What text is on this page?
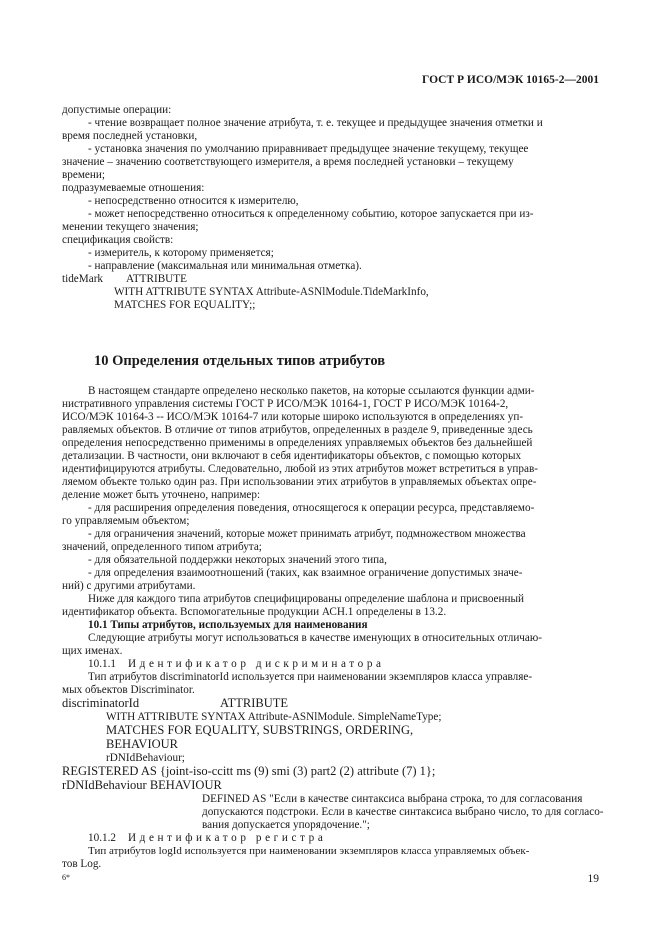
ГОСТ Р ИСО/МЭК 10165-2—2001
допустимые операции:
- чтение возвращает полное значение атрибута, т. е. текущее и предыдущее значения отметки и
время последней установки,
- установка значения по умолчанию приравнивает предыдущее значение текущему, текущее
значение – значению соответствующего измерителя, а время последней установки – текущему
времени;
подразумеваемые отношения:
- непосредственно относится к измерителю,
- может непосредственно относиться к определенному событию, которое запускается при из-
менении текущего значения;
спецификация свойств:
- измеритель, к которому применяется;
- направление (максимальная или минимальная отметка).
tideMark ATTRIBUTE
WITH ATTRIBUTE SYNTAX Attribute-ASNlModule.TideMarkInfo,
MATCHES FOR EQUALITY;;
10 Определения отдельных типов атрибутов
В настоящем стандарте определено несколько пакетов, на которые ссылаются функции адми-
нистративного управления системы ГОСТ Р ИСО/МЭК 10164-1, ГОСТ Р ИСО/МЭК 10164-2,
ИСО/МЭК 10164-3 -- ИСО/МЭК 10164-7 или которые широко используются в определениях уп-
равляемых объектов. В отличие от типов атрибутов, определенных в разделе 9, приведенные здесь
определения непосредственно применимы в определениях управляемых объектов без дальнейшей
детализации. В частности, они включают в себя идентификаторы объектов, с помощью которых
идентифицируются атрибуты. Следовательно, любой из этих атрибутов может встретиться в управ-
ляемом объекте только один раз. При использовании этих атрибутов в управляемых объектах опре-
деление может быть уточнено, например:
- для расширения определения поведения, относящегося к операции ресурса, представляемо-
го управляемым объектом;
- для ограничения значений, которые может принимать атрибут, подмножеством множества
значений, определенного типом атрибута;
- для обязательной поддержки некоторых значений этого типа,
- для определения взаимоотношений (таких, как взаимное ограничение допустимых значе-
ний) с другими атрибутами.
Ниже для каждого типа атрибутов специфицированы определение шаблона и присвоенный
идентификатор объекта. Вспомогательные продукции АСН.1 определены в 13.2.
10.1 Типы атрибутов, используемых для наименования
Следующие атрибуты могут использоваться в качестве именующих в относительных отличаю-
щих именах.
10.1.1 Идентификатор дискриминатора
Тип атрибутов discriminatorId используется при наименовании экземпляров класса управляе-
мых объектов Discriminator.
discriminatorId	ATTRIBUTE
WITH ATTRIBUTE SYNTAX Attribute-ASNlModule. SimpleNameType;
MATCHES FOR EQUALITY, SUBSTRINGS, ORDERING,
BEHAVIOUR
rDNIdBehaviour;
REGISTERED AS {joint-iso-ccitt ms (9) smi (3) part2 (2) attribute (7) 1};
rDNIdBehaviour BEHAVIOUR
DEFINED AS "Если в качестве синтаксиса выбрана строка, то для согласования
допускаются подстроки. Если в качестве синтаксиса выбрано число, то для согласо-
вания допускается упорядочение.";
10.1.2 Идентификатор регистра
Тип атрибутов logId используется при наименовании экземпляров класса управляемых объек-
тов Log.
6*	19
